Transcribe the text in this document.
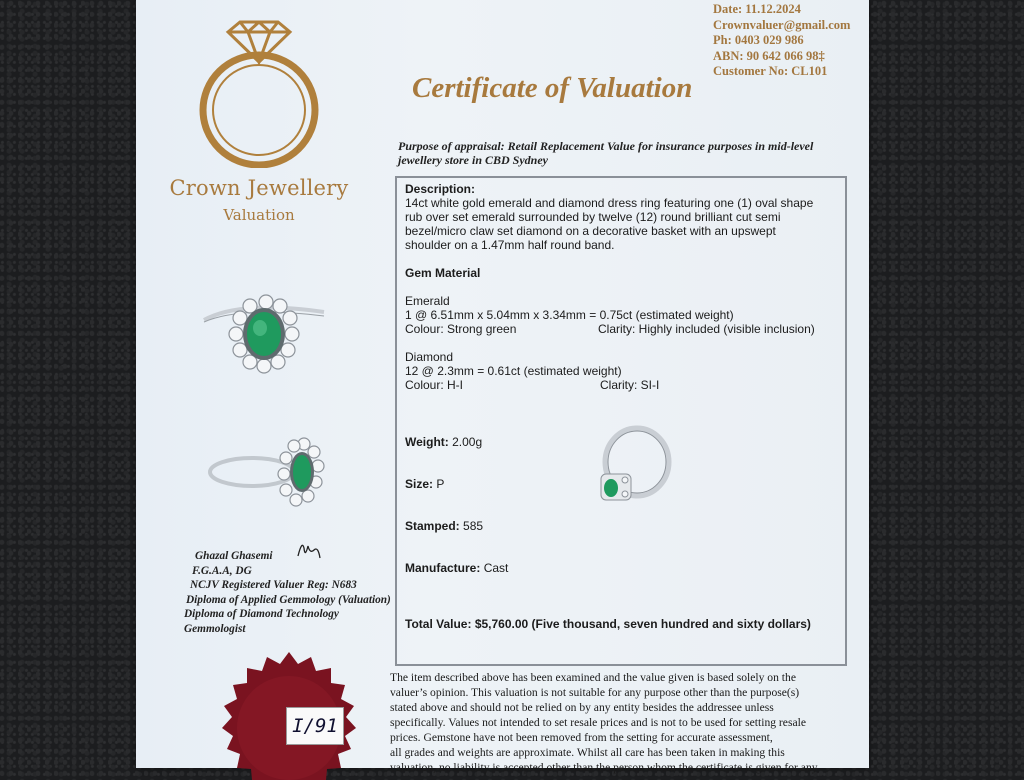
Crown Jewellery
Valuation
Date: 11.12.2024
Crownvaluer@gmail.com
Ph: 0403 029 986
ABN: 90 642 066 98‡
Customer No: CL101
Certificate of Valuation
Purpose of appraisal: Retail Replacement Value for insurance purposes in mid-level jewellery store in CBD Sydney
Ghazal Ghasemi
F.G.A.A, DG
NCJV Registered Valuer Reg: N683
Diploma of Applied Gemmology (Valuation)
Diploma of Diamond Technology
Gemmologist
I/91
The item described above has been examined and the value given is based solely on the
valuer’s opinion. This valuation is not suitable for any purpose other than the purpose(s)
stated above and should not be relied on by any entity besides the addressee unless
specifically. Values not intended to set resale prices and is not to be used for setting resale
prices. Gemstone have not been removed from the setting for accurate assessment,
all grades and weights are approximate. Whilst all care has been taken in making this
valuation, no liability is accepted other than the person whom the certificate is given for any
Description:
14ct white gold emerald and diamond dress ring featuring one (1) oval shape
rub over set emerald surrounded by twelve (12) round brilliant cut semi
bezel/micro claw set diamond on a decorative basket with an upswept
shoulder on a 1.47mm half round band.
Gem Material
Emerald
1 @ 6.51mm x 5.04mm x 3.34mm = 0.75ct (estimated weight)
Colour: Strong green	Clarity: Highly included (visible inclusion)
Diamond
12 @ 2.3mm = 0.61ct (estimated weight)
Colour: H-I	Clarity: SI-I
Weight: 2.00g
Size: P
Stamped: 585
Manufacture: Cast
Total Value: $5,760.00 (Five thousand, seven hundred and sixty dollars)
